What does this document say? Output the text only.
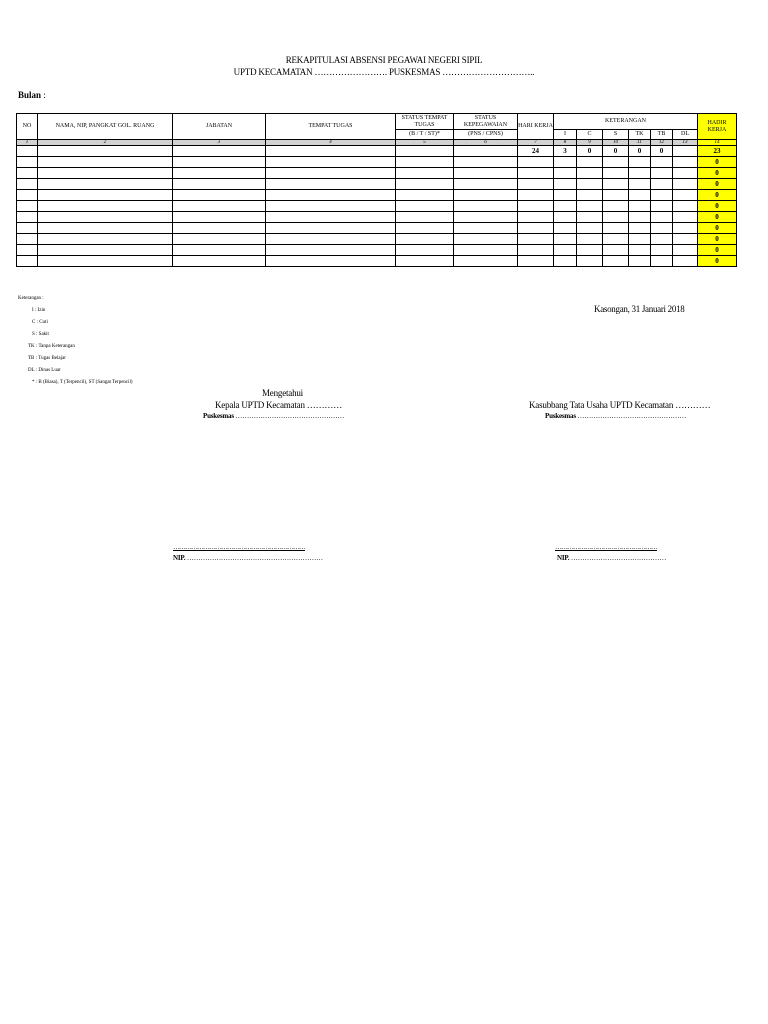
REKAPITULASI ABSENSI PEGAWAI NEGERI SIPIL
UPTD KECAMATAN ……………………. PUSKESMAS …………………………..
Bulan :
NO	NAMA, NIP, PANGKAT GOL. RUANG	JABATAN	TEMPAT TUGAS	STATUS TEMPAT TUGAS	STATUS KEPEGAWAIAN	HARI KERJA	KETERANGAN						HADIR KERJA
				(B / T / ST)*	(PNS / CPNS)		I	C	S	TK	TB	DL	
1	2	3	4	5	6	7	8	9	10	11	12	13	14
						24	3	0	0	0	0		23
													0
													0
													0
													0
													0
													0
													0
													0
													0
													0
Keterangan :
I : Izin
C : Cuti
S : Sakit
TK : Tanpa Keterangan
TB : Tugas Belajar
DL : Dinas Luar
* : B (Biasa), T (Terpencil), ST (Sangat Terpencil)
Kasongan, 31 Januari 2018
Mengetahui
Kepala UPTD Kecamatan …………
Puskesmas …………………………………………
…………………………………………………………
NIP. ……………………………………………………
Kasubbang Tata Usaha UPTD Kecamatan …………
Puskesmas …………………………………………
……………………………………………
NIP. ……………………………………
